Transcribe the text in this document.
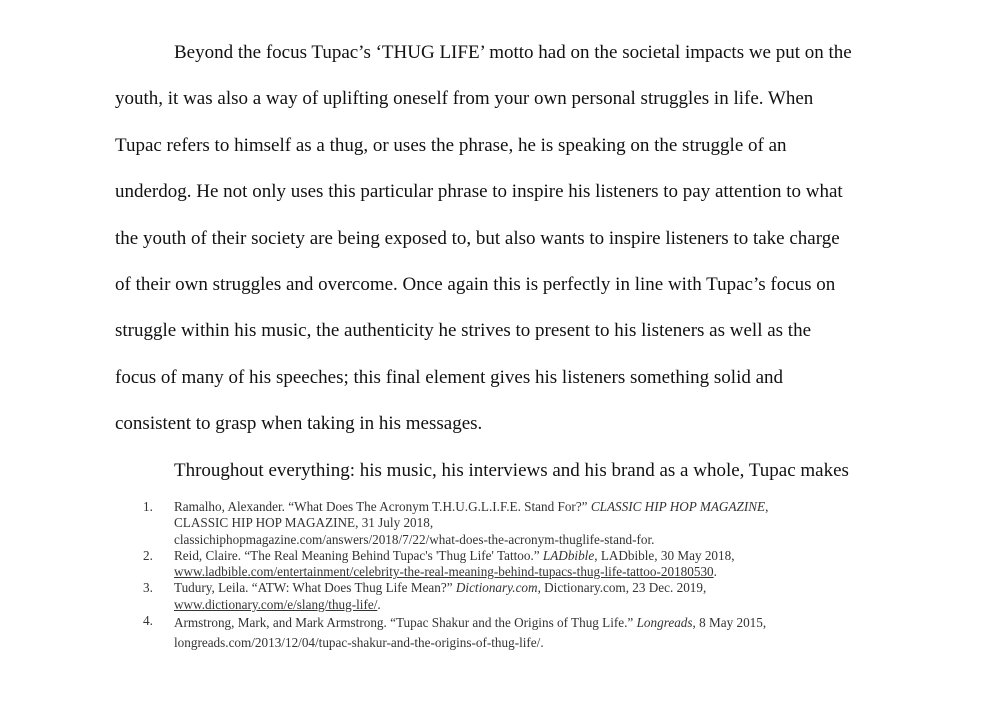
Beyond the focus Tupac’s ‘THUG LIFE’ motto had on the societal impacts we put on the
youth, it was also a way of uplifting oneself from your own personal struggles in life. When
Tupac refers to himself as a thug, or uses the phrase, he is speaking on the struggle of an
underdog. He not only uses this particular phrase to inspire his listeners to pay attention to what
the youth of their society are being exposed to, but also wants to inspire listeners to take charge
of their own struggles and overcome. Once again this is perfectly in line with Tupac’s focus on
struggle within his music, the authenticity he strives to present to his listeners as well as the
focus of many of his speeches; this final element gives his listeners something solid and
consistent to grasp when taking in his messages.

Throughout everything: his music, his interviews and his brand as a whole, Tupac makes

1. Ramalho, Alexander. “What Does The Acronym T.H.U.G.L.I.F.E. Stand For?” CLASSIC HIP HOP MAGAZINE,
CLASSIC HIP HOP MAGAZINE, 31 July 2018,
classichiphopmagazine.com/answers/2018/7/22/what-does-the-acronym-thuglife-stand-for.
2. Reid, Claire. “The Real Meaning Behind Tupac's 'Thug Life' Tattoo.” LADbible, LADbible, 30 May 2018,
www.ladbible.com/entertainment/celebrity-the-real-meaning-behind-tupacs-thug-life-tattoo-20180530.
3. Tudury, Leila. “ATW: What Does Thug Life Mean?” Dictionary.com, Dictionary.com, 23 Dec. 2019,
www.dictionary.com/e/slang/thug-life/.
4. Armstrong, Mark, and Mark Armstrong. “Tupac Shakur and the Origins of Thug Life.” Longreads, 8 May 2015,
longreads.com/2013/12/04/tupac-shakur-and-the-origins-of-thug-life/.
